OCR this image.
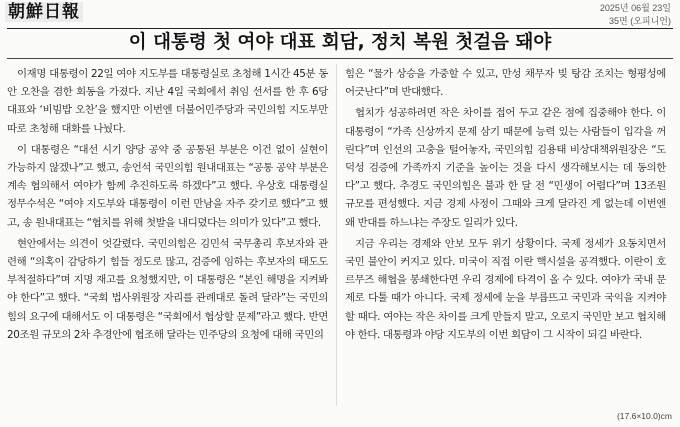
朝鮮日報	2025년 06월 23일
35면 (오피니언)
이 대통령 첫 여야 대표 회담, 정치 복원 첫걸음 돼야

이재명 대통령이 22일 여야 지도부를 대통령실로 초청해 1시간 45분 동안 오찬을 겸한 회동을 가졌다. 지난 4일 국회에서 취임 선서를 한 후 6당 대표와 ‘비빔밥 오찬’을 했지만 이번엔 더불어민주당과 국민의힘 지도부만 따로 초청해 대화를 나눴다.

이 대통령은 “대선 시기 양당 공약 중 공통된 부분은 이건 없이 실현이 가능하지 않겠나”고 했고, 송언석 국민의힘 원내대표는 “공통 공약 부분은 계속 협의해서 여야가 함께 추진하도록 하겠다”고 했다. 우상호 대통령실 정무수석은 “여야 지도부와 대통령이 이런 만남을 자주 갖기로 했다”고 했고, 송 원내대표는 “협치를 위해 첫발을 내디뎠다는 의미가 있다”고 했다.

현안에서는 의견이 엇갈렸다. 국민의힘은 김민석 국무총리 후보자와 관련해 “의혹이 감당하기 힘들 정도로 많고, 검증에 임하는 후보자의 태도도 부적절하다”며 지명 재고를 요청했지만, 이 대통령은 “본인 해명을 지켜봐야 한다”고 했다. “국회 법사위원장 자리를 관례대로 돌려 달라”는 국민의힘의 요구에 대해서도 이 대통령은 “국회에서 협상할 문제”라고 했다. 반면 20조원 규모의 2차 추경안에 협조해 달라는 민주당의 요청에 대해 국민의

힘은 “물가 상승을 가중할 수 있고, 만성 채무자 빚 탕감 조치는 형평성에 어긋난다”며 반대했다.

협치가 성공하려면 작은 차이를 접어 두고 같은 점에 집중해야 한다. 이 대통령이 “가족 신상까지 문제 삼기 때문에 능력 있는 사람들이 입각을 꺼린다”며 인선의 고충을 털어놓자, 국민의힘 김용태 비상대책위원장은 “도덕성 검증에 가족까지 기준을 높이는 것을 다시 생각해보시는 데 동의한다”고 했다. 추경도 국민의힘은 불과 한 달 전 “민생이 어렵다”며 13조원 규모를 편성했다. 지금 경제 사정이 그때와 크게 달라진 게 없는데 이번엔 왜 반대를 하느냐는 주장도 일리가 있다.

지금 우리는 경제와 안보 모두 위기 상황이다. 국제 정세가 요동치면서 국민 불안이 커지고 있다. 미국이 직접 이란 핵시설을 공격했다. 이란이 호르무즈 해협을 봉쇄한다면 우리 경제에 타격이 올 수 있다. 여야가 국내 문제로 다툴 때가 아니다. 국제 정세에 눈을 부릅뜨고 국민과 국익을 지켜야 할 때다. 여야는 작은 차이를 크게 만들지 말고, 오로지 국민만 보고 협치해야 한다. 대통령과 야당 지도부의 이번 회담이 그 시작이 되길 바란다.

(17.6×10.0)cm
